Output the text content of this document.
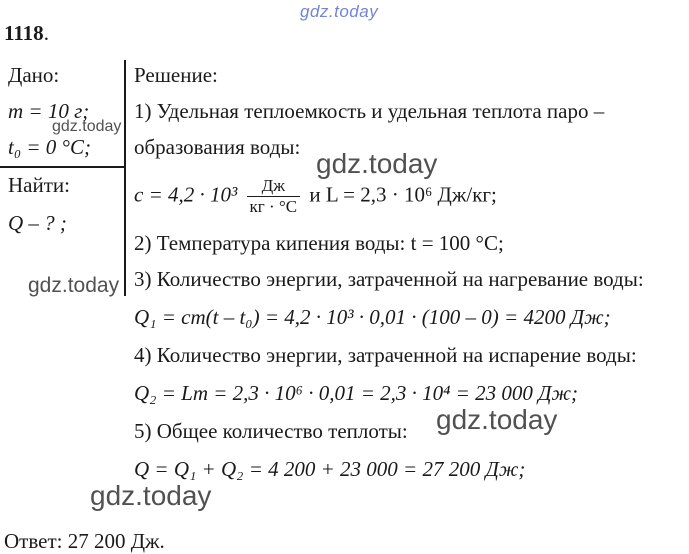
gdz.today
1118.
Дано:
m = 10 г;
t₀ = 0 °C;
Найти:
Q – ? ;
Решение:
1) Удельная теплоемкость и удельная теплота паро –
образования воды:
$c = 4,2 \cdot 10^3 \frac{Дж}{кг \cdot ^\circ C}$ и L = 2,3 · 10⁶ Дж/кг;
2) Температура кипения воды: t = 100 °C;
3) Количество энергии, затраченной на нагревание воды:
Q₁ = cm(t – t₀) = 4,2 · 10³ · 0,01 · (100 – 0) = 4200 Дж;
4) Количество энергии, затраченной на испарение воды:
Q₂ = Lm = 2,3 · 10⁶ · 0,01 = 2,3 · 10⁴ = 23 000 Дж;
5) Общее количество теплоты:
Q = Q₁ + Q₂ = 4 200 + 23 000 = 27 200 Дж;
Ответ: 27 200 Дж.
gdz.today
gdz.today
gdz.today
gdz.today
gdz.today
